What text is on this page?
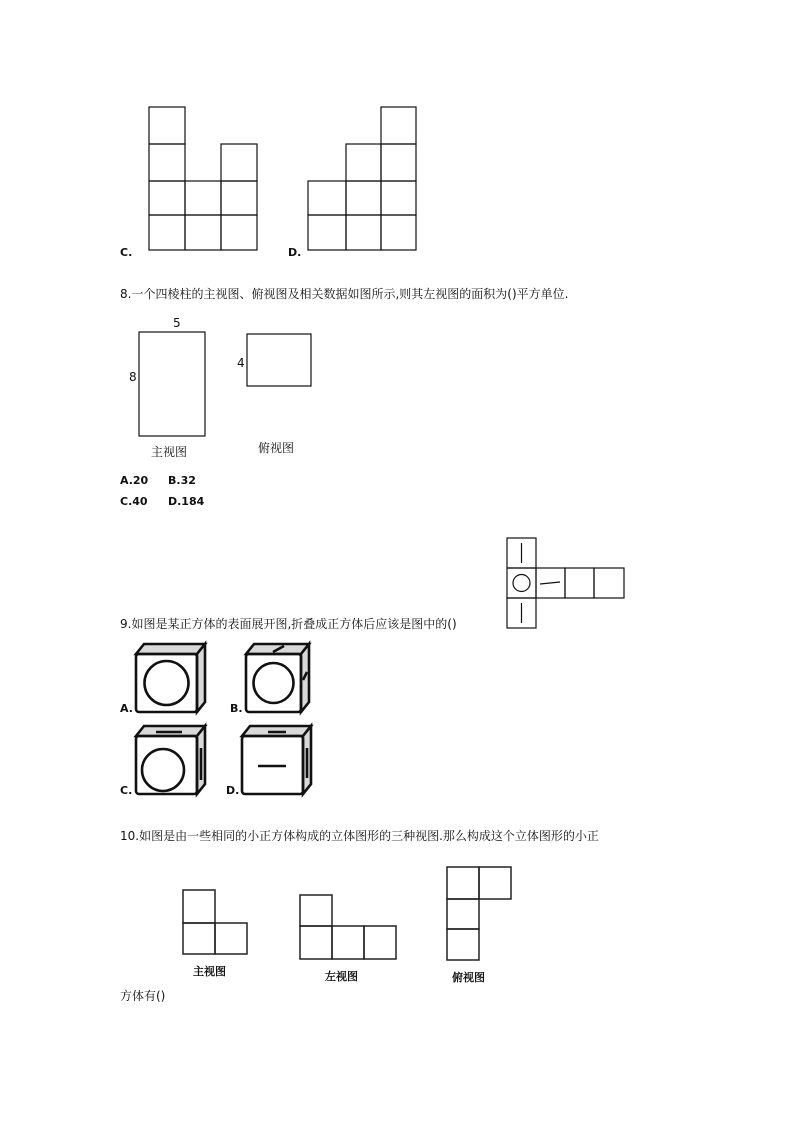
C.	D.
8.一个四棱柱的主视图、俯视图及相关数据如图所示,则其左视图的面积为()平方单位.
5
8
4
主视图	俯视图
A.20 B.32
C.40 D.184
9.如图是某正方体的表面展开图,折叠成正方体后应该是图中的()
A.	B.
C.	D.
10.如图是由一些相同的小正方体构成的立体图形的三种视图.那么构成这个立体图形的小正
主视图	左视图	俯视图
方体有()
